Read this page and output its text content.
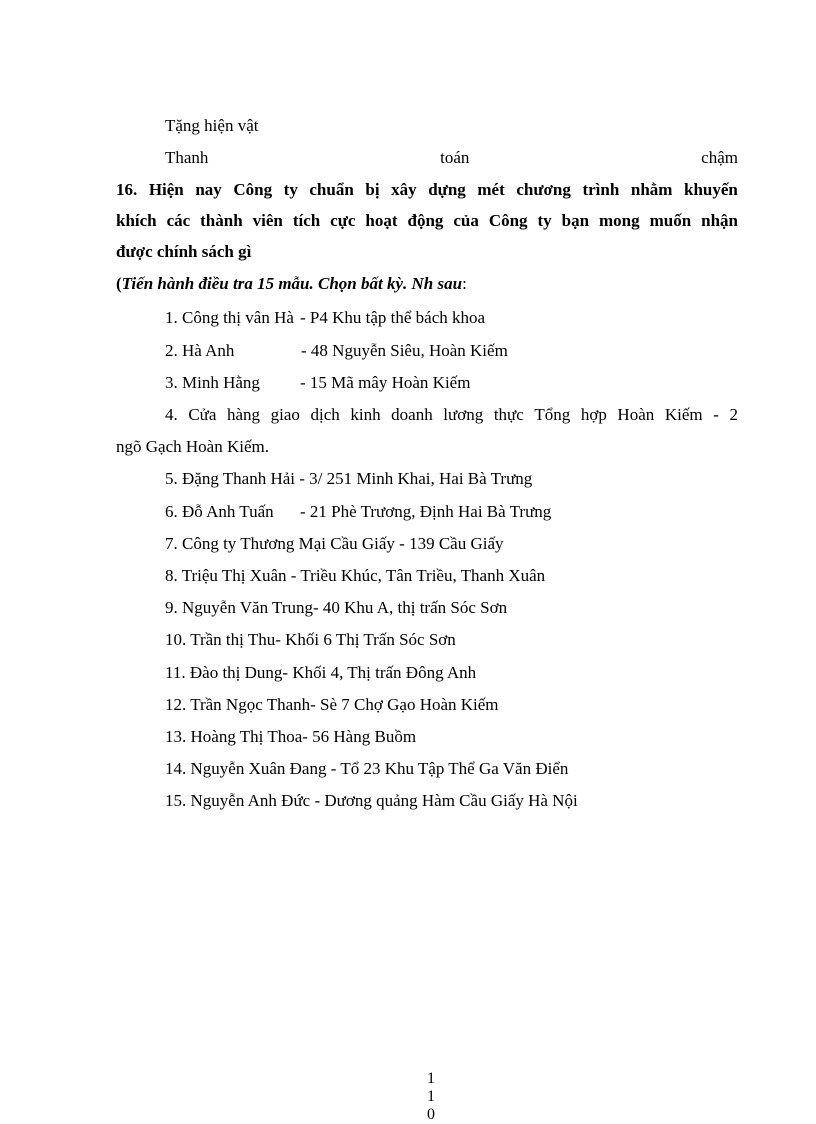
Tặng hiện vật
Thanh	toán	chậm
16. Hiện nay Công ty chuẩn bị xây dựng mét chương trình nhằm khuyến
khích các thành viên tích cực hoạt động của Công ty bạn mong muốn nhận
được chính sách gì
(Tiến hành điều tra 15 mẫu. Chọn bất kỳ. Nh sau:
1. Công thị vân Hà - P4 Khu tập thể bách khoa
2. Hà Anh	- 48 Nguyễn Siêu, Hoàn Kiếm
3. Minh Hằng	- 15 Mã mây Hoàn Kiếm
4. Cửa hàng giao dịch kinh doanh lương thực Tổng hợp Hoàn Kiếm - 2
ngõ Gạch Hoàn Kiếm.
5. Đặng Thanh Hải - 3/ 251 Minh Khai, Hai Bà Trưng
6. Đỗ Anh Tuấn	- 21 Phè Trương, Định Hai Bà Trưng
7. Công ty Thương Mại Cầu Giấy - 139 Cầu Giấy
8. Triệu Thị Xuân - Triều Khúc, Tân Triều, Thanh Xuân
9. Nguyễn Văn Trung- 40 Khu A, thị trấn Sóc Sơn
10. Trần thị Thu- Khối 6 Thị Trấn Sóc Sơn
11. Đào thị Dung- Khối 4, Thị trấn Đông Anh
12. Trần Ngọc Thanh- Sè 7 Chợ Gạo Hoàn Kiếm
13. Hoàng Thị Thoa- 56 Hàng Buồm
14. Nguyễn Xuân Đang - Tổ 23 Khu Tập Thể Ga Văn Điển
15. Nguyễn Anh Đức - Dương quảng Hàm Cầu Giấy Hà Nội
1
1
0
